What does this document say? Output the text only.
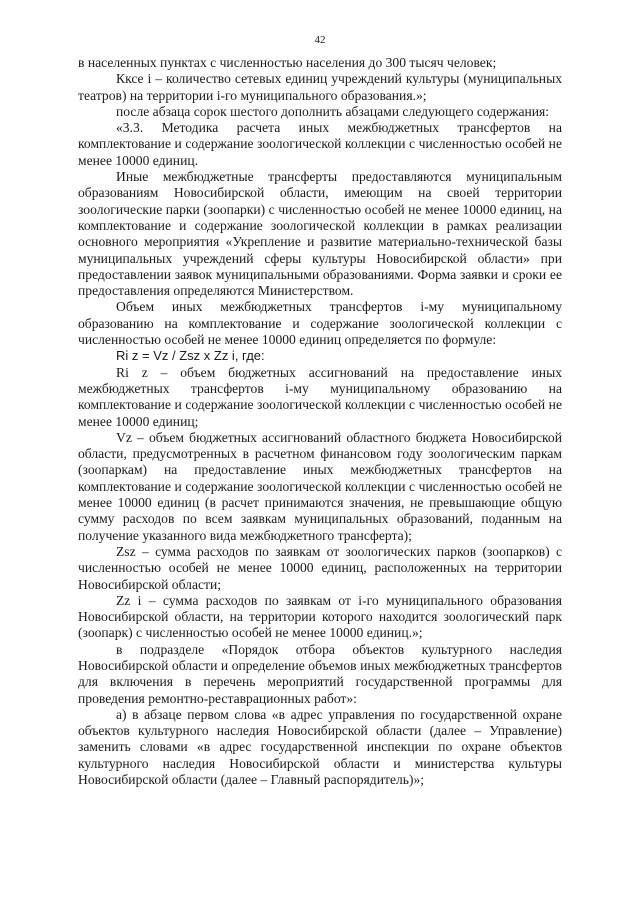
42

в населенных пунктах с численностью населения до 300 тысяч человек;

Кксе i – количество сетевых единиц учреждений культуры (муниципальных театров) на территории i-го муниципального образования.»;

после абзаца сорок шестого дополнить абзацами следующего содержания:

«3.3. Методика расчета иных межбюджетных трансфертов на комплектование и содержание зоологической коллекции с численностью особей не менее 10000 единиц.

Иные межбюджетные трансферты предоставляются муниципальным образованиям Новосибирской области, имеющим на своей территории зоологические парки (зоопарки) с численностью особей не менее 10000 единиц, на комплектование и содержание зоологической коллекции в рамках реализации основного мероприятия «Укрепление и развитие материально-технической базы муниципальных учреждений сферы культуры Новосибирской области» при предоставлении заявок муниципальными образованиями. Форма заявки и сроки ее предоставления определяются Министерством.

Объем иных межбюджетных трансфертов i-му муниципальному образованию на комплектование и содержание зоологической коллекции с численностью особей не менее 10000 единиц определяется по формуле:

Ri z = Vz / Zsz x Zz i, где:

Ri z – объем бюджетных ассигнований на предоставление иных межбюджетных трансфертов i-му муниципальному образованию на комплектование и содержание зоологической коллекции с численностью особей не менее 10000 единиц;

Vz – объем бюджетных ассигнований областного бюджета Новосибирской области, предусмотренных в расчетном финансовом году зоологическим паркам (зоопаркам) на предоставление иных межбюджетных трансфертов на комплектование и содержание зоологической коллекции с численностью особей не менее 10000 единиц (в расчет принимаются значения, не превышающие общую сумму расходов по всем заявкам муниципальных образований, поданным на получение указанного вида межбюджетного трансферта);

Zsz – сумма расходов по заявкам от зоологических парков (зоопарков) с численностью особей не менее 10000 единиц, расположенных на территории Новосибирской области;

Zz i – сумма расходов по заявкам от i-го муниципального образования Новосибирской области, на территории которого находится зоологический парк (зоопарк) с численностью особей не менее 10000 единиц.»;

в подразделе «Порядок отбора объектов культурного наследия Новосибирской области и определение объемов иных межбюджетных трансфертов для включения в перечень мероприятий государственной программы для проведения ремонтно-реставрационных работ»:

а) в абзаце первом слова «в адрес управления по государственной охране объектов культурного наследия Новосибирской области (далее – Управление) заменить словами «в адрес государственной инспекции по охране объектов культурного наследия Новосибирской области и министерства культуры Новосибирской области (далее – Главный распорядитель)»;
